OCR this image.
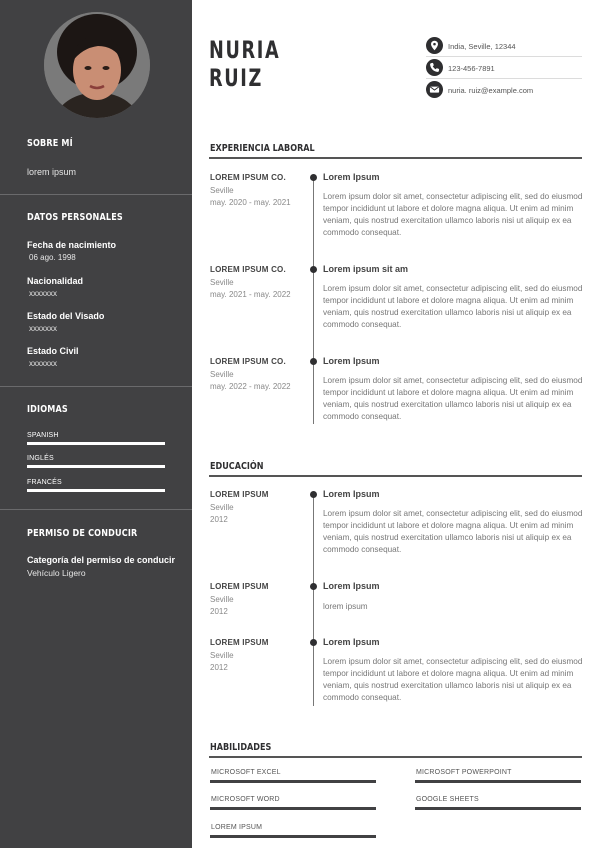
SOBRE MÍ
lorem ipsum
DATOS PERSONALES
Fecha de nacimiento
06 ago. 1998
Nacionalidad
xxxxxxx
Estado del Visado
xxxxxxx
Estado Civil
xxxxxxx
IDIOMAS
SPANISH
INGLÉS
FRANCÉS
PERMISO DE CONDUCIR
Categoría del permiso de conducir
Vehículo Ligero
NURIA
RUIZ
India, Seville, 12344
123-456-7891
nuria. ruiz@example.com
EXPERIENCIA LABORAL
LOREM IPSUM CO.
Seville
may. 2020 - may. 2021
Lorem Ipsum
Lorem ipsum dolor sit amet, consectetur adipiscing elit, sed do eiusmod tempor incididunt ut labore et dolore magna aliqua. Ut enim ad minim veniam, quis nostrud exercitation ullamco laboris nisi ut aliquip ex ea commodo consequat.
LOREM IPSUM CO.
Seville
may. 2021 - may. 2022
Lorem ipsum sit am
Lorem ipsum dolor sit amet, consectetur adipiscing elit, sed do eiusmod tempor incididunt ut labore et dolore magna aliqua. Ut enim ad minim veniam, quis nostrud exercitation ullamco laboris nisi ut aliquip ex ea commodo consequat.
LOREM IPSUM CO.
Seville
may. 2022 - may. 2022
Lorem Ipsum
Lorem ipsum dolor sit amet, consectetur adipiscing elit, sed do eiusmod tempor incididunt ut labore et dolore magna aliqua. Ut enim ad minim veniam, quis nostrud exercitation ullamco laboris nisi ut aliquip ex ea commodo consequat.
EDUCACIÓN
LOREM IPSUM
Seville
2012
Lorem Ipsum
Lorem ipsum dolor sit amet, consectetur adipiscing elit, sed do eiusmod tempor incididunt ut labore et dolore magna aliqua. Ut enim ad minim veniam, quis nostrud exercitation ullamco laboris nisi ut aliquip ex ea commodo consequat.
LOREM IPSUM
Seville
2012
Lorem Ipsum
lorem ipsum
LOREM IPSUM
Seville
2012
Lorem Ipsum
Lorem ipsum dolor sit amet, consectetur adipiscing elit, sed do eiusmod tempor incididunt ut labore et dolore magna aliqua. Ut enim ad minim veniam, quis nostrud exercitation ullamco laboris nisi ut aliquip ex ea commodo consequat.
HABILIDADES
MICROSOFT EXCEL	MICROSOFT POWERPOINT
MICROSOFT WORD	GOOGLE SHEETS
LOREM IPSUM
